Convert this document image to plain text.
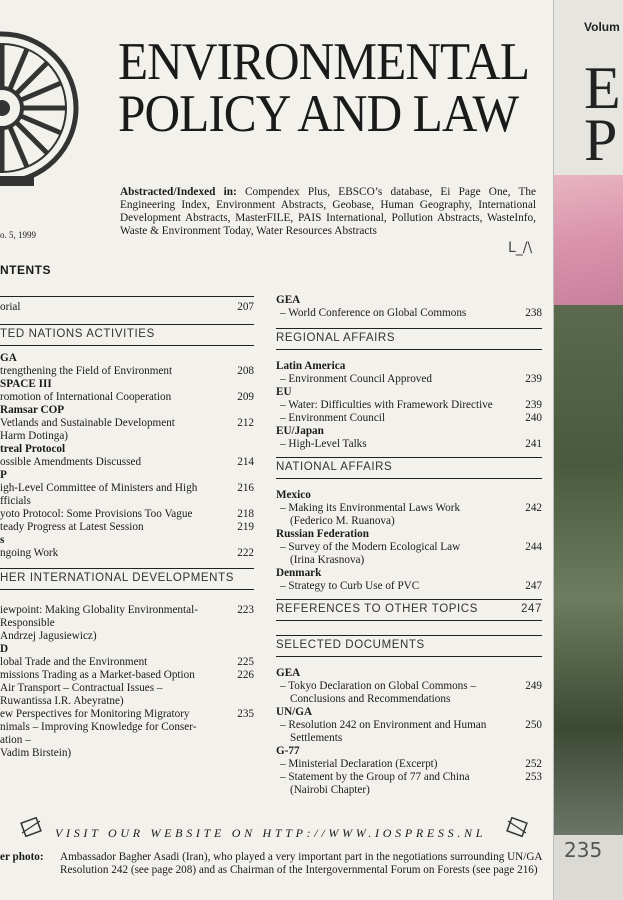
ENVIRONMENTAL
POLICY AND LAW
Abstracted/Indexed in: Compendex Plus, EBSCO’s database, Ei Page One, The Engineering Index, Environment Abstracts, Geobase, Human Geography, International Development Abstracts, MasterFILE, PAIS International, Pollution Abstracts, WasteInfo, Waste & Environment Today, Water Resources Abstracts
o. 5, 1999
NTENTS
L_/\
orial	207
TED NATIONS ACTIVITIES
GA
trengthening the Field of Environment	208
SPACE III
romotion of International Cooperation	209
Ramsar COP
Vetlands and Sustainable Development	212
Harm Dotinga)
treal Protocol
ossible Amendments Discussed	214
P
igh-Level Committee of Ministers and High	216
fficials
yoto Protocol: Some Provisions Too Vague	218
teady Progress at Latest Session	219
s
ngoing Work	222
HER INTERNATIONAL DEVELOPMENTS
iewpoint: Making Globality Environmental-	223
Responsible
Andrzej Jagusiewicz)
D
lobal Trade and the Environment	225
missions Trading as a Market-based Option	226
Air Transport – Contractual Issues –
Ruwantissa I.R. Abeyratne)
ew Perspectives for Monitoring Migratory	235
nimals – Improving Knowledge for Conser-
ation –
Vadim Birstein)
GEA
– World Conference on Global Commons	238
REGIONAL AFFAIRS
Latin America
– Environment Council Approved	239
EU
– Water: Difficulties with Framework Directive	239
– Environment Council	240
EU/Japan
– High-Level Talks	241
NATIONAL AFFAIRS
Mexico
– Making its Environmental Laws Work	242
(Federico M. Ruanova)
Russian Federation
– Survey of the Modern Ecological Law	244
(Irina Krasnova)
Denmark
– Strategy to Curb Use of PVC	247
REFERENCES TO OTHER TOPICS	247
SELECTED DOCUMENTS
GEA
– Tokyo Declaration on Global Commons –	249
Conclusions and Recommendations
UN/GA
– Resolution 242 on Environment and Human	250
Settlements
G-77
– Ministerial Declaration (Excerpt)	252
– Statement by the Group of 77 and China	253
(Nairobi Chapter)
VISIT OUR WEBSITE ON HTTP://WWW.IOSPRESS.NL
er photo: Ambassador Bagher Asadi (Iran), who played a very important part in the negotiations surrounding UN/GA Resolution 242 (see page 208) and as Chairman of the Intergovernmental Forum on Forests (see page 216)
Volum
E
P
235
